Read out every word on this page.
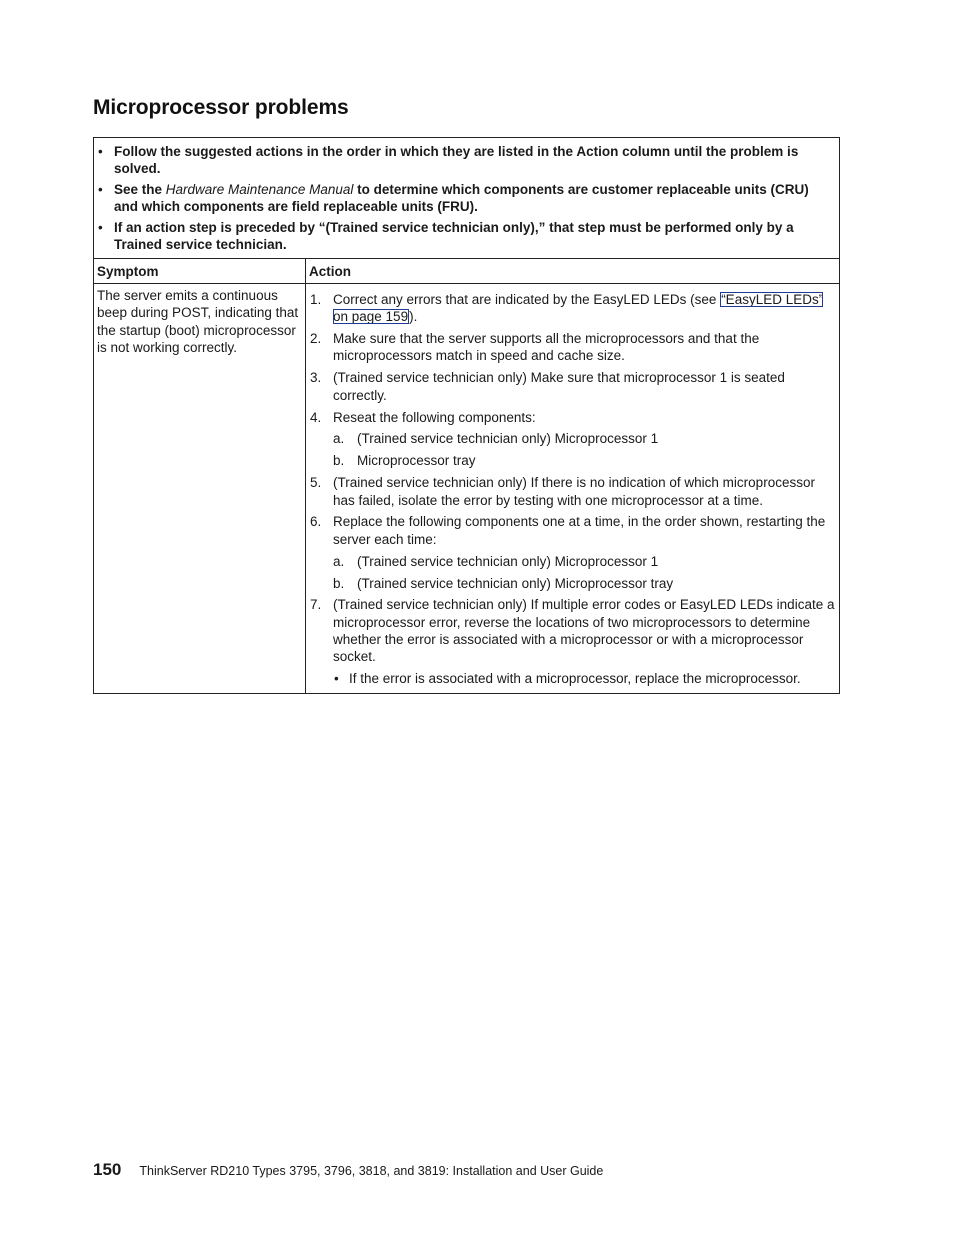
Microprocessor problems
• Follow the suggested actions in the order in which they are listed in the Action column until the problem is solved.
• See the Hardware Maintenance Manual to determine which components are customer replaceable units (CRU) and which components are field replaceable units (FRU).
• If an action step is preceded by “(Trained service technician only),” that step must be performed only by a Trained service technician.
Symptom
The server emits a continuous beep during POST, indicating that the startup (boot) microprocessor is not working correctly.
Action
1. Correct any errors that are indicated by the EasyLED LEDs (see “EasyLED LEDs” on page 159).
2. Make sure that the server supports all the microprocessors and that the microprocessors match in speed and cache size.
3. (Trained service technician only) Make sure that microprocessor 1 is seated correctly.
4. Reseat the following components:
a. (Trained service technician only) Microprocessor 1
b. Microprocessor tray
5. (Trained service technician only) If there is no indication of which microprocessor has failed, isolate the error by testing with one microprocessor at a time.
6. Replace the following components one at a time, in the order shown, restarting the server each time:
a. (Trained service technician only) Microprocessor 1
b. (Trained service technician only) Microprocessor tray
7. (Trained service technician only) If multiple error codes or EasyLED LEDs indicate a microprocessor error, reverse the locations of two microprocessors to determine whether the error is associated with a microprocessor or with a microprocessor socket.
• If the error is associated with a microprocessor, replace the microprocessor.
150 ThinkServer RD210 Types 3795, 3796, 3818, and 3819: Installation and User Guide
